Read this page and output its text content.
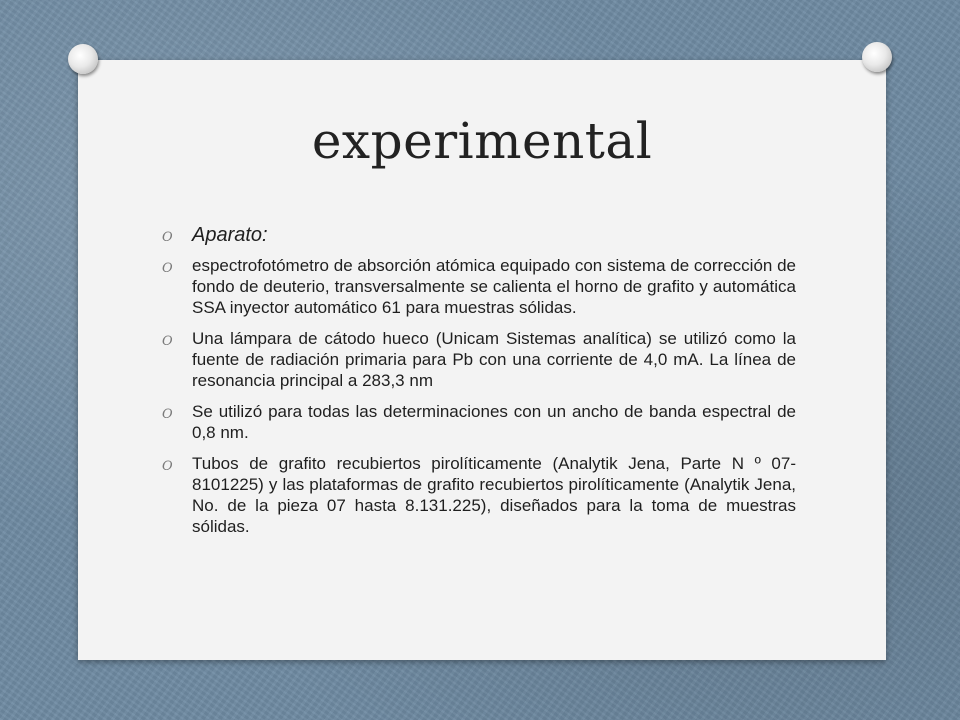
experimental
O Aparato:
O espectrofotómetro de absorción atómica equipado con sistema de corrección de fondo de deuterio, transversalmente se calienta el horno de grafito y automática SSA inyector automático 61 para muestras sólidas.
O Una lámpara de cátodo hueco (Unicam Sistemas analítica) se utilizó como la fuente de radiación primaria para Pb con una corriente de 4,0 mA. La línea de resonancia principal a 283,3 nm
O Se utilizó para todas las determinaciones con un ancho de banda espectral de 0,8 nm.
O Tubos de grafito recubiertos pirolíticamente (Analytik Jena, Parte N º 07-8101225) y las plataformas de grafito recubiertos pirolíticamente (Analytik Jena, No. de la pieza 07 hasta 8.131.225), diseñados para la toma de muestras sólidas.
